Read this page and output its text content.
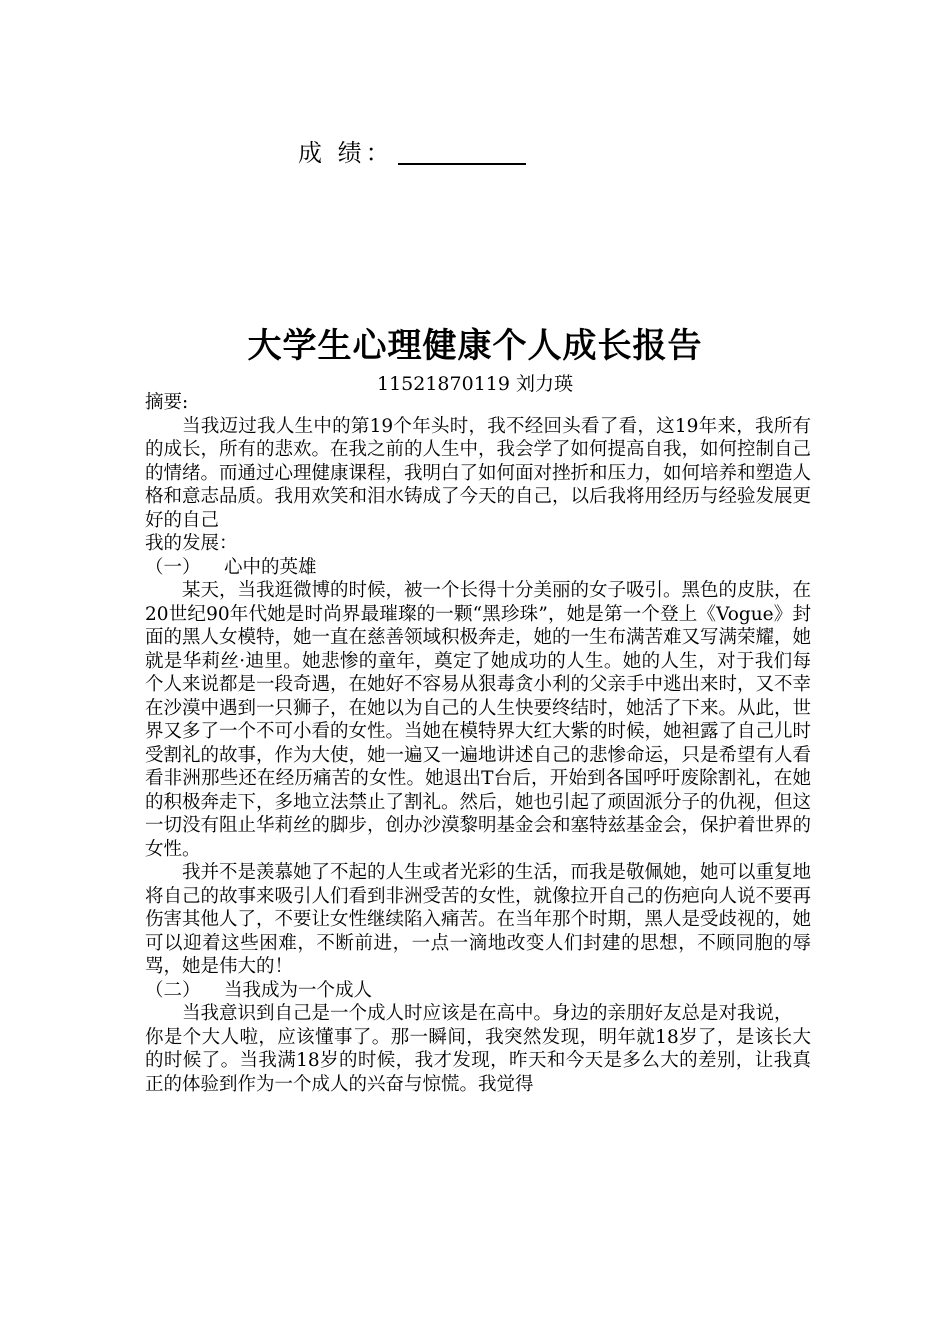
成 绩：
大学生心理健康个人成长报告
11521870119 刘力瑛

摘要:

当我迈过我人生中的第19个年头时，我不经回头看了看，这19年来，我所有的成长，所有的悲欢。在我之前的人生中，我会学了如何提高自我，如何控制自己的情绪。而通过心理健康课程，我明白了如何面对挫折和压力，如何培养和塑造人格和意志品质。我用欢笑和泪水铸成了今天的自己，以后我将用经历与经验发展更好的自己

我的发展：

（一）    心中的英雄

某天，当我逛微博的时候，被一个长得十分美丽的女子吸引。黑色的皮肤，在20世纪90年代她是时尚界最璀璨的一颗“黑珍珠”，她是第一个登上《Vogue》封面的黑人女模特，她一直在慈善领域积极奔走，她的一生布满苦难又写满荣耀，她就是华莉丝·迪里。她悲惨的童年，奠定了她成功的人生。她的人生，对于我们每个人来说都是一段奇遇，在她好不容易从狠毒贪小利的父亲手中逃出来时，又不幸在沙漠中遇到一只狮子，在她以为自己的人生快要终结时，她活了下来。从此，世界又多了一个不可小看的女性。当她在模特界大红大紫的时候，她袒露了自己儿时受割礼的故事，作为大使，她一遍又一遍地讲述自己的悲惨命运，只是希望有人看看非洲那些还在经历痛苦的女性。她退出T台后，开始到各国呼吁废除割礼，在她的积极奔走下，多地立法禁止了割礼。然后，她也引起了顽固派分子的仇视，但这一切没有阻止华莉丝的脚步，创办沙漠黎明基金会和塞特兹基金会，保护着世界的女性。

我并不是羡慕她了不起的人生或者光彩的生活，而我是敬佩她，她可以重复地将自己的故事来吸引人们看到非洲受苦的女性，就像拉开自己的伤疤向人说不要再伤害其他人了，不要让女性继续陷入痛苦。在当年那个时期，黑人是受歧视的，她可以迎着这些困难，不断前进，一点一滴地改变人们封建的思想，不顾同胞的辱骂，她是伟大的！

（二）    当我成为一个成人

当我意识到自己是一个成人时应该是在高中。身边的亲朋好友总是对我说，

你是个大人啦，应该懂事了。那一瞬间，我突然发现，明年就18岁了，是该长大的时候了。当我满18岁的时候，我才发现，昨天和今天是多么大的差别，让我真正的体验到作为一个成人的兴奋与惊慌。我觉得
